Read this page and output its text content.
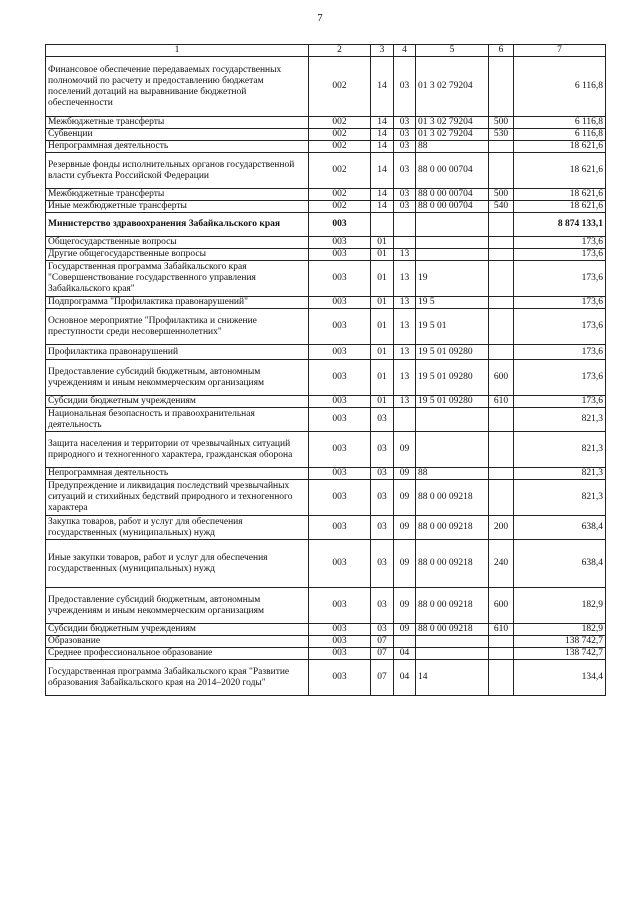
7
1	2	3	4	5	6	7
Финансовое обеспечение передаваемых государственных полномочий по расчету и предоставлению бюджетам поселений дотаций на выравнивание бюджетной обеспеченности	002	14	03	01 3 02 79204		6 116,8
Межбюджетные трансферты	002	14	03	01 3 02 79204	500	6 116,8
Субвенции	002	14	03	01 3 02 79204	530	6 116,8
Непрограммная деятельность	002	14	03	88		18 621,6
Резервные фонды исполнительных органов государственной власти субъекта Российской Федерации	002	14	03	88 0 00 00704		18 621,6
Межбюджетные трансферты	002	14	03	88 0 00 00704	500	18 621,6
Иные межбюджетные трансферты	002	14	03	88 0 00 00704	540	18 621,6
Министерство здравоохранения Забайкальского края	003					8 874 133,1
Общегосударственные вопросы	003	01				173,6
Другие общегосударственные вопросы	003	01	13			173,6
Государственная программа Забайкальского края "Совершенствование государственного управления Забайкальского края"	003	01	13	19		173,6
Подпрограмма "Профилактика правонарушений"	003	01	13	19 5		173,6
Основное мероприятие "Профилактика и снижение преступности среди несовершеннолетних"	003	01	13	19 5 01		173,6
Профилактика правонарушений	003	01	13	19 5 01 09280		173,6
Предоставление субсидий бюджетным, автономным учреждениям и иным некоммерческим организациям	003	01	13	19 5 01 09280	600	173,6
Субсидии бюджетным учреждениям	003	01	13	19 5 01 09280	610	173,6
Национальная безопасность и правоохранительная деятельность	003	03				821,3
Защита населения и территории от чрезвычайных ситуаций природного и техногенного характера, гражданская оборона	003	03	09			821,3
Непрограммная деятельность	003	03	09	88		821,3
Предупреждение и ликвидация последствий чрезвычайных ситуаций и стихийных бедствий природного и техногенного характера	003	03	09	88 0 00 09218		821,3
Закупка товаров, работ и услуг для обеспечения государственных (муниципальных) нужд	003	03	09	88 0 00 09218	200	638,4
Иные закупки товаров, работ и услуг для обеспечения государственных (муниципальных) нужд	003	03	09	88 0 00 09218	240	638,4
Предоставление субсидий бюджетным, автономным учреждениям и иным некоммерческим организациям	003	03	09	88 0 00 09218	600	182,9
Субсидии бюджетным учреждениям	003	03	09	88 0 00 09218	610	182,9
Образование	003	07				138 742,7
Среднее профессиональное образование	003	07	04			138 742,7
Государственная программа Забайкальского края "Развитие образования Забайкальского края на 2014–2020 годы"	003	07	04	14		134,4
